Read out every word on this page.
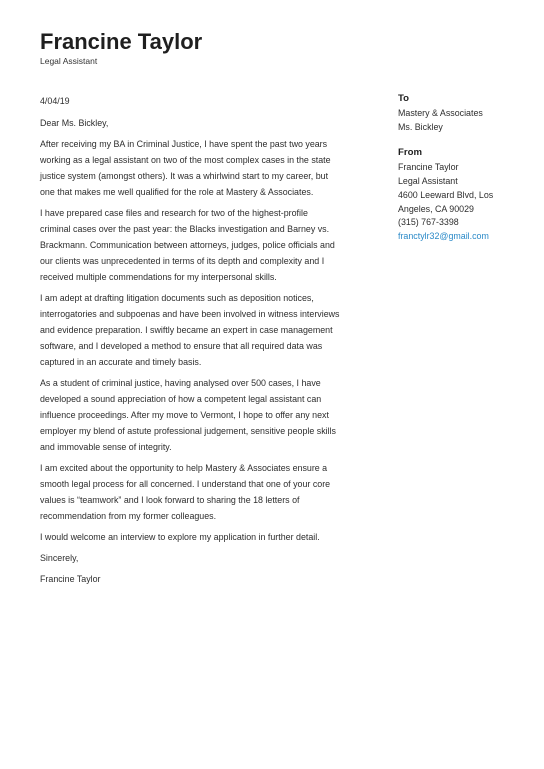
Francine Taylor
Legal Assistant

4/04/19

Dear Ms. Bickley,

After receiving my BA in Criminal Justice, I have spent the past two years working as a legal assistant on two of the most complex cases in the state justice system (amongst others). It was a whirlwind start to my career, but one that makes me well qualified for the role at Mastery & Associates.

I have prepared case files and research for two of the highest-profile criminal cases over the past year: the Blacks investigation and Barney vs. Brackmann. Communication between attorneys, judges, police officials and our clients was unprecedented in terms of its depth and complexity and I received multiple commendations for my interpersonal skills.

I am adept at drafting litigation documents such as deposition notices, interrogatories and subpoenas and have been involved in witness interviews and evidence preparation. I swiftly became an expert in case management software, and I developed a method to ensure that all required data was captured in an accurate and timely basis.

As a student of criminal justice, having analysed over 500 cases, I have developed a sound appreciation of how a competent legal assistant can influence proceedings. After my move to Vermont, I hope to offer any next employer my blend of astute professional judgement, sensitive people skills and immovable sense of integrity.

I am excited about the opportunity to help Mastery & Associates ensure a smooth legal process for all concerned. I understand that one of your core values is “teamwork” and I look forward to sharing the 18 letters of recommendation from my former colleagues.

I would welcome an interview to explore my application in further detail.

Sincerely,

Francine Taylor

To
Mastery & Associates
Ms. Bickley
From
Francine Taylor
Legal Assistant
4600 Leeward Blvd, Los
Angeles, CA 90029
(315) 767-3398
franctylr32@gmail.com
